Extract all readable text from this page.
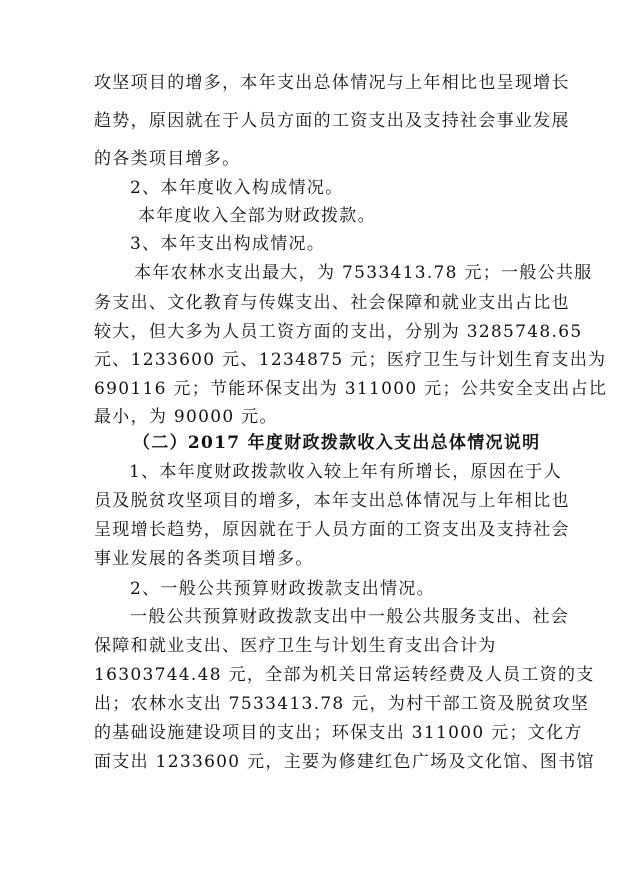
攻坚项目的增多，本年支出总体情况与上年相比也呈现增长
趋势，原因就在于人员方面的工资支出及支持社会事业发展
的各类项目增多。
2、本年度收入构成情况。
本年度收入全部为财政拨款。
3、本年支出构成情况。
本年农林水支出最大，为 7533413.78 元；一般公共服
务支出、文化教育与传媒支出、社会保障和就业支出占比也
较大，但大多为人员工资方面的支出，分别为 3285748.65
元、1233600 元、1234875 元；医疗卫生与计划生育支出为
690116 元；节能环保支出为 311000 元；公共安全支出占比
最小，为 90000 元。
（二）2017 年度财政拨款收入支出总体情况说明
1、本年度财政拨款收入较上年有所增长，原因在于人
员及脱贫攻坚项目的增多，本年支出总体情况与上年相比也
呈现增长趋势，原因就在于人员方面的工资支出及支持社会
事业发展的各类项目增多。
2、一般公共预算财政拨款支出情况。
一般公共预算财政拨款支出中一般公共服务支出、社会
保障和就业支出、医疗卫生与计划生育支出合计为
16303744.48 元，全部为机关日常运转经费及人员工资的支
出；农林水支出 7533413.78 元，为村干部工资及脱贫攻坚
的基础设施建设项目的支出；环保支出 311000 元；文化方
面支出 1233600 元，主要为修建红色广场及文化馆、图书馆
